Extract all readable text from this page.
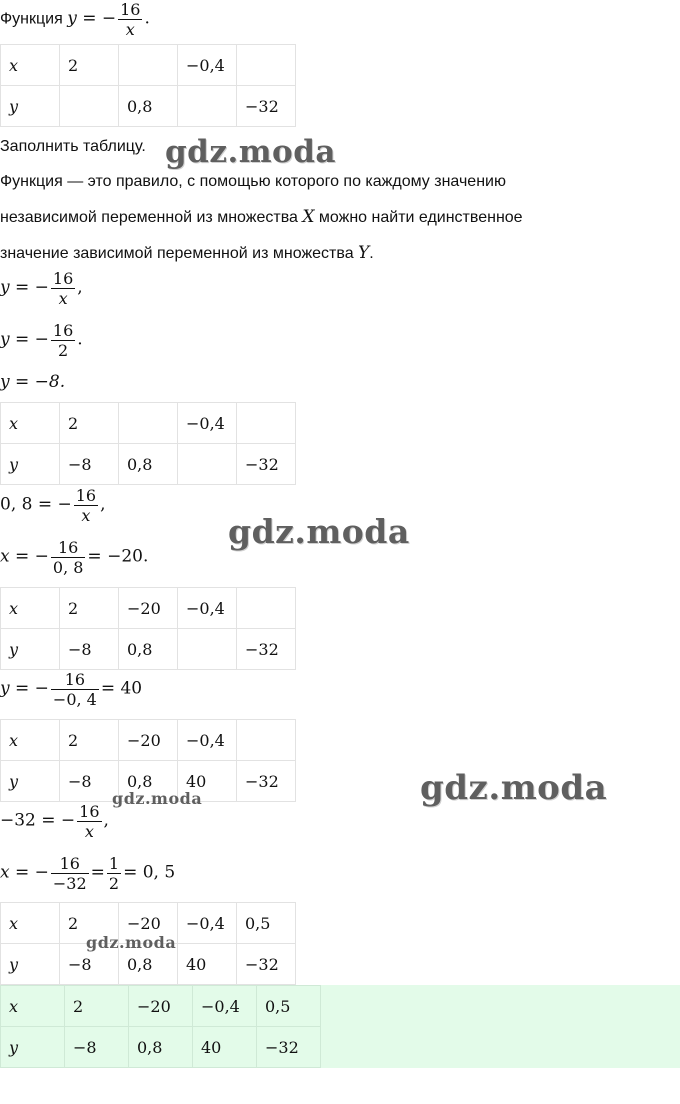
Функция y = − $\frac{16}{x}$ .
x	2		−0,4	
y		0,8		−32
Заполнить таблицу.
Функция — это правило, с помощью которого по каждому значению
независимой переменной из множества X можно найти единственное
значение зависимой переменной из множества Y.
y = − $\frac{16}{x}$ ,
y = − $\frac{16}{2}$ .
y = −8.
x	2		−0,4	
y	−8	0,8		−32
0, 8 = − $\frac{16}{x}$ ,
x = − $\frac{16}{0, 8} = -20$.
x	2	−20	−0,4	
y	−8	0,8		−32
y = − $\frac{16}{-0, 4} = 40$
x	2	−20	−0,4	
y	−8	0,8	40	−32
−32 = − $\frac{16}{x}$ ,
x = − $\frac{16}{-32} = \frac{1}{2} = 0$, 5
x	2	−20	−0,4	0,5
y	−8	0,8	40	−32
x	2	−20	−0,4	0,5	
y	−8	0,8	40	−32	
gdz.moda
gdz.moda
gdz.moda
gdz.moda
gdz.moda
